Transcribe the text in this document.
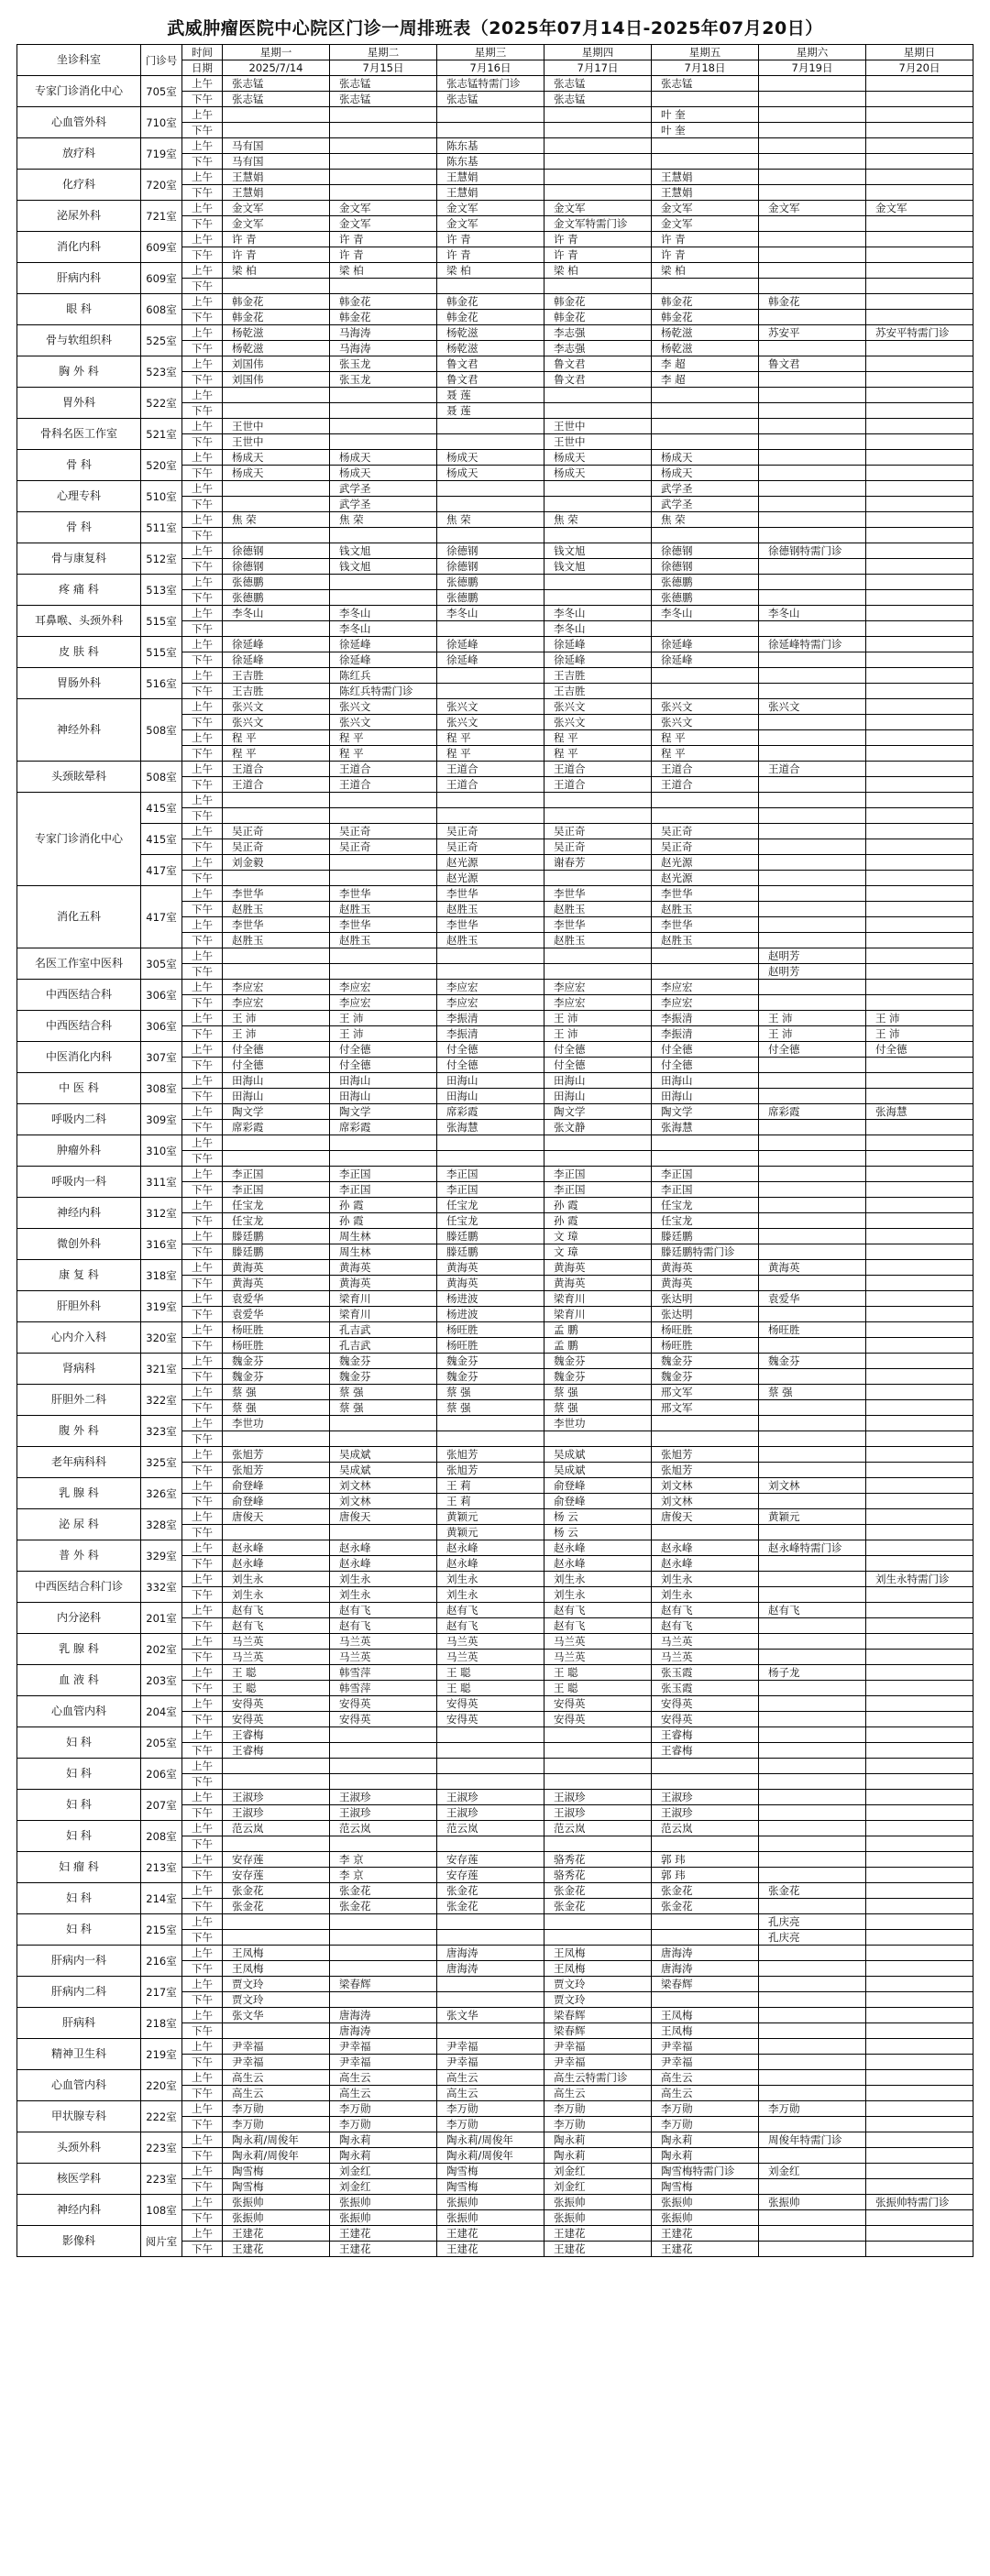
武威肿瘤医院中心院区门诊一周排班表（2025年07月14日-2025年07月20日）
坐诊科室	门诊号	时间	星期一	星期二	星期三	星期四	星期五	星期六	星期日
		日期	2025/7/14	7月15日	7月16日	7月17日	7月18日	7月19日	7月20日
专家门诊消化中心	705室	上午	张志锰	张志锰	张志锰特需门诊	张志锰	张志锰		
		下午	张志锰	张志锰	张志锰	张志锰			
心血管外科	710室	上午					叶 奎		
		下午					叶 奎		
放疗科	719室	上午	马有国		陈东基				
		下午	马有国		陈东基				
化疗科	720室	上午	王慧娟		王慧娟		王慧娟		
		下午	王慧娟		王慧娟		王慧娟		
泌尿外科	721室	上午	金文军	金文军	金文军	金文军	金文军	金文军	金文军
		下午	金文军	金文军	金文军	金文军特需门诊	金文军		
消化内科	609室	上午	许 青	许 青	许 青	许 青	许 青		
		下午	许 青	许 青	许 青	许 青	许 青		
肝病内科	609室	上午	梁 柏	梁 柏	梁 柏	梁 柏	梁 柏		
		下午							
眼 科	608室	上午	韩金花	韩金花	韩金花	韩金花	韩金花	韩金花	
		下午	韩金花	韩金花	韩金花	韩金花	韩金花		
骨与软组织科	525室	上午	杨乾滋	马海涛	杨乾滋	李志强	杨乾滋	苏安平	苏安平特需门诊
		下午	杨乾滋	马海涛	杨乾滋	李志强	杨乾滋		
胸 外 科	523室	上午	刘国伟	张玉龙	鲁文君	鲁文君	李 超	鲁文君	
		下午	刘国伟	张玉龙	鲁文君	鲁文君	李 超		
胃外科	522室	上午			聂 莲				
		下午			聂 莲				
骨科名医工作室	521室	上午	王世中			王世中			
		下午	王世中			王世中			
骨 科	520室	上午	杨成天	杨成天	杨成天	杨成天	杨成天		
		下午	杨成天	杨成天	杨成天	杨成天	杨成天		
心理专科	510室	上午		武学圣			武学圣		
		下午		武学圣			武学圣		
骨 科	511室	上午	焦 荣	焦 荣	焦 荣	焦 荣	焦 荣		
		下午							
骨与康复科	512室	上午	徐德钢	钱文旭	徐德钢	钱文旭	徐德钢	徐德钢特需门诊	
		下午	徐德钢	钱文旭	徐德钢	钱文旭	徐德钢		
疼 痛 科	513室	上午	张德鹏		张德鹏		张德鹏		
		下午	张德鹏		张德鹏		张德鹏		
耳鼻喉、头颈外科	515室	上午	李冬山	李冬山	李冬山	李冬山	李冬山	李冬山	
		下午		李冬山		李冬山			
皮 肤 科	515室	上午	徐延峰	徐延峰	徐延峰	徐延峰	徐延峰	徐延峰特需门诊	
		下午	徐延峰	徐延峰	徐延峰	徐延峰	徐延峰		
胃肠外科	516室	上午	王吉胜	陈红兵		王吉胜			
		下午	王吉胜	陈红兵特需门诊		王吉胜			
神经外科	508室	上午	张兴文	张兴文	张兴文	张兴文	张兴文	张兴文	
		下午	张兴文	张兴文	张兴文	张兴文	张兴文		
		上午	程 平	程 平	程 平	程 平	程 平		
		下午	程 平	程 平	程 平	程 平	程 平		
头颈眩晕科	508室	上午	王道合	王道合	王道合	王道合	王道合	王道合	
		下午	王道合	王道合	王道合	王道合	王道合		
专家门诊消化中心	415室	上午							
		下午							
	415室	上午	吴正奇	吴正奇	吴正奇	吴正奇	吴正奇		
		下午	吴正奇	吴正奇	吴正奇	吴正奇	吴正奇		
	417室	上午	刘金毅		赵光源	谢春芳	赵光源		
		下午			赵光源		赵光源		
消化五科	417室	上午	李世华	李世华	李世华	李世华	李世华		
		下午	赵胜玉	赵胜玉	赵胜玉	赵胜玉	赵胜玉		
		上午	李世华	李世华	李世华	李世华	李世华		
		下午	赵胜玉	赵胜玉	赵胜玉	赵胜玉	赵胜玉		
名医工作室中医科	305室	上午						赵明芳	
		下午						赵明芳	
中西医结合科	306室	上午	李应宏	李应宏	李应宏	李应宏	李应宏		
		下午	李应宏	李应宏	李应宏	李应宏	李应宏		
中西医结合科	306室	上午	王 沛	王 沛	李振清	王 沛	李振清	王 沛	王 沛
		下午	王 沛	王 沛	李振清	王 沛	李振清	王 沛	王 沛
中医消化内科	307室	上午	付全德	付全德	付全德	付全德	付全德	付全德	付全德
		下午	付全德	付全德	付全德	付全德	付全德		
中 医 科	308室	上午	田海山	田海山	田海山	田海山	田海山		
		下午	田海山	田海山	田海山	田海山	田海山		
呼吸内二科	309室	上午	陶文学	陶文学	席彩霞	陶文学	陶文学	席彩霞	张海慧
		下午	席彩霞	席彩霞	张海慧	张文静	张海慧		
肿瘤外科	310室	上午							
		下午							
呼吸内一科	311室	上午	李正国	李正国	李正国	李正国	李正国		
		下午	李正国	李正国	李正国	李正国	李正国		
神经内科	312室	上午	任宝龙	孙 霞	任宝龙	孙 霞	任宝龙		
		下午	任宝龙	孙 霞	任宝龙	孙 霞	任宝龙		
微创外科	316室	上午	滕廷鹏	周生林	滕廷鹏	文 璋	滕廷鹏		
		下午	滕廷鹏	周生林	滕廷鹏	文 璋	滕廷鹏特需门诊		
康 复 科	318室	上午	黄海英	黄海英	黄海英	黄海英	黄海英	黄海英	
		下午	黄海英	黄海英	黄海英	黄海英	黄海英		
肝胆外科	319室	上午	袁爱华	梁育川	杨进波	梁育川	张达明	袁爱华	
		下午	袁爱华	梁育川	杨进波	梁育川	张达明		
心内介入科	320室	上午	杨旺胜	孔吉武	杨旺胜	孟 鹏	杨旺胜	杨旺胜	
		下午	杨旺胜	孔吉武	杨旺胜	孟 鹏	杨旺胜		
肾病科	321室	上午	魏金芬	魏金芬	魏金芬	魏金芬	魏金芬	魏金芬	
		下午	魏金芬	魏金芬	魏金芬	魏金芬	魏金芬		
肝胆外二科	322室	上午	蔡 强	蔡 强	蔡 强	蔡 强	邢文军	蔡 强	
		下午	蔡 强	蔡 强	蔡 强	蔡 强	邢文军		
腹 外 科	323室	上午	李世功			李世功			
		下午							
老年病科科	325室	上午	张旭芳	吴成斌	张旭芳	吴成斌	张旭芳		
		下午	张旭芳	吴成斌	张旭芳	吴成斌	张旭芳		
乳 腺 科	326室	上午	俞登峰	刘文林	王 莉	俞登峰	刘文林	刘文林	
		下午	俞登峰	刘文林	王 莉	俞登峰	刘文林		
泌 尿 科	328室	上午	唐俊天	唐俊天	黄颖元	杨 云	唐俊天	黄颖元	
		下午			黄颖元	杨 云			
普 外 科	329室	上午	赵永峰	赵永峰	赵永峰	赵永峰	赵永峰	赵永峰特需门诊	
		下午	赵永峰	赵永峰	赵永峰	赵永峰	赵永峰		
中西医结合科门诊	332室	上午	刘生永	刘生永	刘生永	刘生永	刘生永		刘生永特需门诊
		下午	刘生永	刘生永	刘生永	刘生永	刘生永		
内分泌科	201室	上午	赵有飞	赵有飞	赵有飞	赵有飞	赵有飞	赵有飞	
		下午	赵有飞	赵有飞	赵有飞	赵有飞	赵有飞		
乳 腺 科	202室	上午	马兰英	马兰英	马兰英	马兰英	马兰英		
		下午	马兰英	马兰英	马兰英	马兰英	马兰英		
血 液 科	203室	上午	王 聪	韩雪萍	王 聪	王 聪	张玉霞	杨子龙	
		下午	王 聪	韩雪萍	王 聪	王 聪	张玉霞		
心血管内科	204室	上午	安得英	安得英	安得英	安得英	安得英		
		下午	安得英	安得英	安得英	安得英	安得英		
妇 科	205室	上午	王睿梅				王睿梅		
		下午	王睿梅				王睿梅		
妇 科	206室	上午							
		下午							
妇 科	207室	上午	王淑珍	王淑珍	王淑珍	王淑珍	王淑珍		
		下午	王淑珍	王淑珍	王淑珍	王淑珍	王淑珍		
妇 科	208室	上午	范云岚	范云岚	范云岚	范云岚	范云岚		
		下午							
妇 瘤 科	213室	上午	安存莲	李 京	安存莲	骆秀花	郭 玮		
		下午	安存莲	李 京	安存莲	骆秀花	郭 玮		
妇 科	214室	上午	张金花	张金花	张金花	张金花	张金花	张金花	
		下午	张金花	张金花	张金花	张金花	张金花		
妇 科	215室	上午						孔庆亮	
		下午						孔庆亮	
肝病内一科	216室	上午	王凤梅		唐海涛	王凤梅	唐海涛		
		下午	王凤梅		唐海涛	王凤梅	唐海涛		
肝病内二科	217室	上午	贾文玲	梁春辉		贾文玲	梁春辉		
		下午	贾文玲			贾文玲			
肝病科	218室	上午	张文华	唐海涛	张文华	梁春辉	王凤梅		
		下午		唐海涛		梁春辉	王凤梅		
精神卫生科	219室	上午	尹幸福	尹幸福	尹幸福	尹幸福	尹幸福		
		下午	尹幸福	尹幸福	尹幸福	尹幸福	尹幸福		
心血管内科	220室	上午	高生云	高生云	高生云	高生云特需门诊	高生云		
		下午	高生云	高生云	高生云	高生云	高生云		
甲状腺专科	222室	上午	李万勋	李万勋	李万勋	李万勋	李万勋	李万勋	
		下午	李万勋	李万勋	李万勋	李万勋	李万勋		
头颈外科	223室	上午	陶永莉/周俊年	陶永莉	陶永莉/周俊年	陶永莉	陶永莉	周俊年特需门诊	
		下午	陶永莉/周俊年	陶永莉	陶永莉/周俊年	陶永莉	陶永莉		
核医学科	223室	上午	陶雪梅	刘金红	陶雪梅	刘金红	陶雪梅特需门诊	刘金红	
		下午	陶雪梅	刘金红	陶雪梅	刘金红	陶雪梅		
神经内科	108室	上午	张振帅	张振帅	张振帅	张振帅	张振帅	张振帅	张振帅特需门诊
		下午	张振帅	张振帅	张振帅	张振帅	张振帅		
影像科	阅片室	上午	王建花	王建花	王建花	王建花	王建花		
		下午	王建花	王建花	王建花	王建花	王建花		
